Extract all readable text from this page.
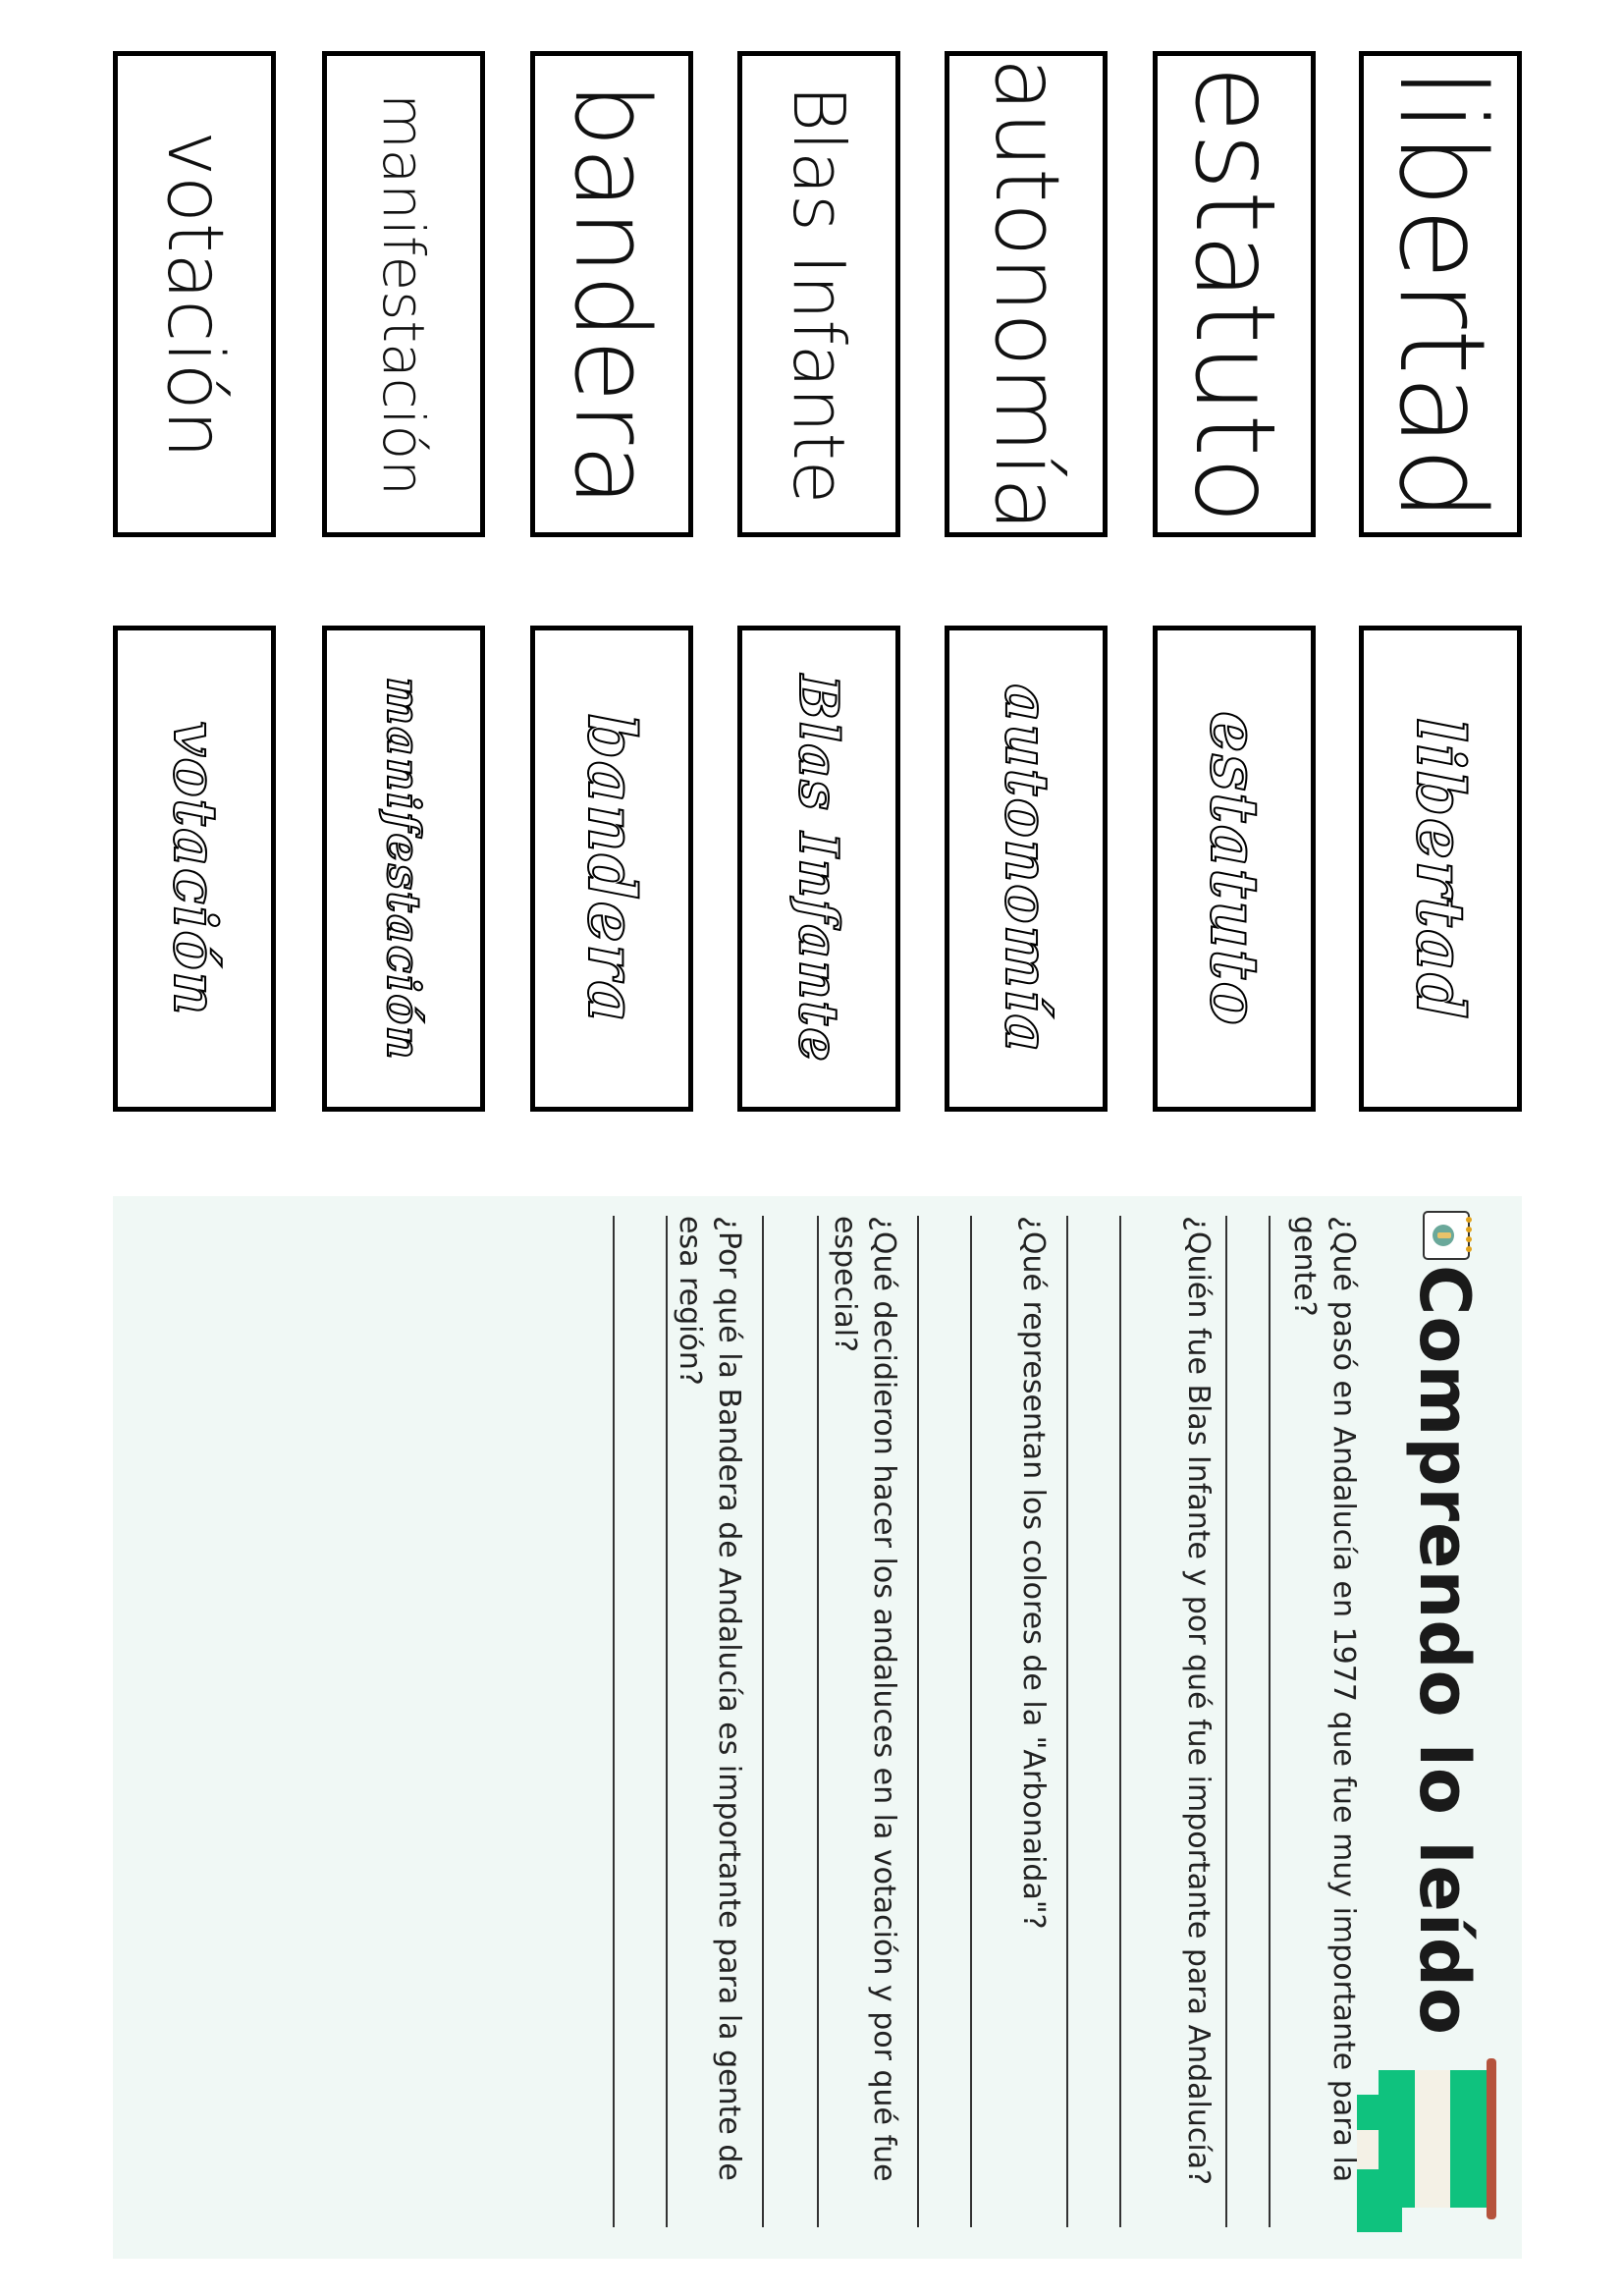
libertad
estatuto
autonomía
Blas Infante
bandera
manifestación
votación
libertad
estatuto
autonomía
Blas Infante
bandera
manifestación
votación
Comprendo lo leído
¿Qué pasó en Andalucía en 1977 que fue muy importante para la gente?
¿Quién fue Blas Infante y por qué fue importante para Andalucía?
¿Qué representan los colores de la "Arbonaida"?
¿Qué decidieron hacer los andaluces en la votación y por qué fue especial?
¿Por qué la Bandera de Andalucía es importante para la gente de esa región?
